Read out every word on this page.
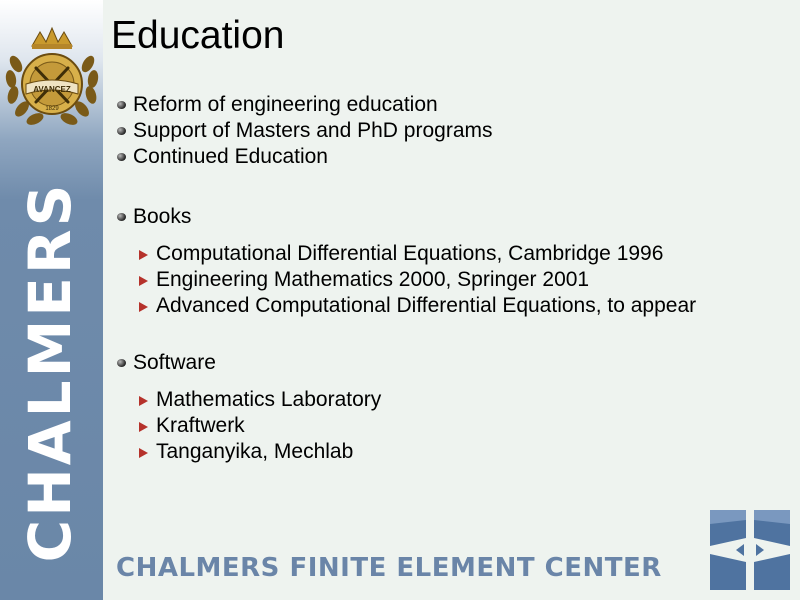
AVANCEZ
1829
CHALMERS
Education
Reform of engineering education
Support of Masters and PhD programs
Continued Education
Books
Computational Differential Equations, Cambridge 1996
Engineering Mathematics 2000, Springer 2001
Advanced Computational Differential Equations, to appear
Software
Mathematics Laboratory
Kraftwerk
Tanganyika, Mechlab
CHALMERS FINITE ELEMENT CENTER
